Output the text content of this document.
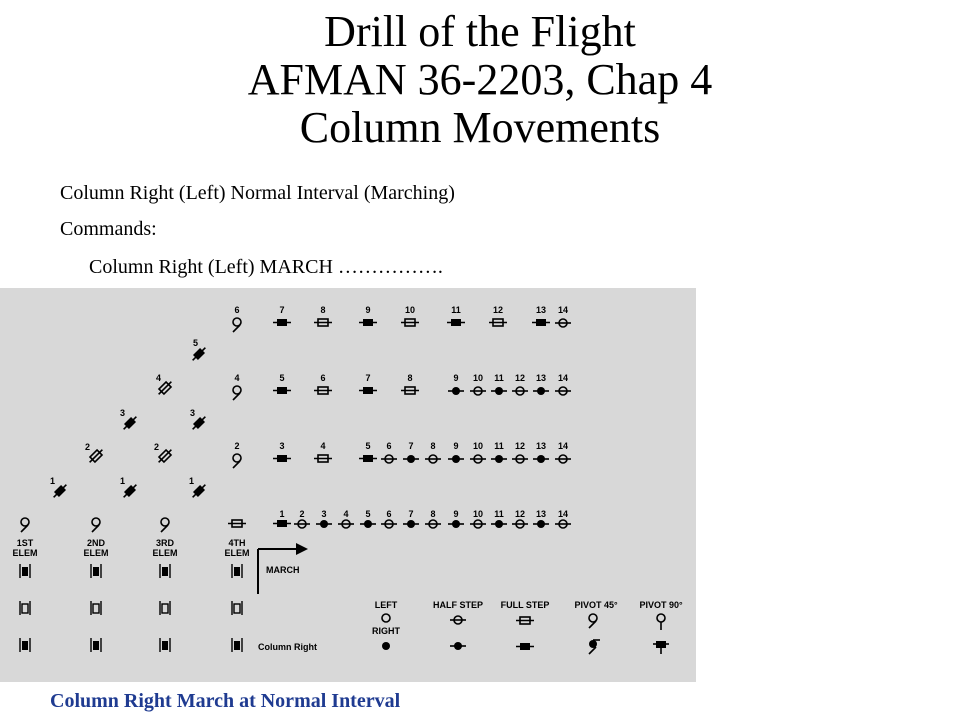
Drill of the Flight
AFMAN 36-2203, Chap 4
Column Movements
Column Right (Left) Normal Interval (Marching)
Commands:
Column Right (Left) MARCH …………….
6	7	8	9	10	11	12	13 14
4	5	6	7	8	9 10 11 12 13 14
2	3	4	5 6 7 8 9 10 11 12 13 14
1 2 3 4 5 6 7 8 9 10 11 12 13 14
5
4
3	3
2	2
1	1	1
1ST
ELEM
2ND
ELEM
3RD
ELEM
4TH
ELEM
MARCH
Column Right
LEFT
RIGHT
HALF STEP FULL STEP	PIVOT 45° PIVOT 90°
Column Right March at Normal Interval
